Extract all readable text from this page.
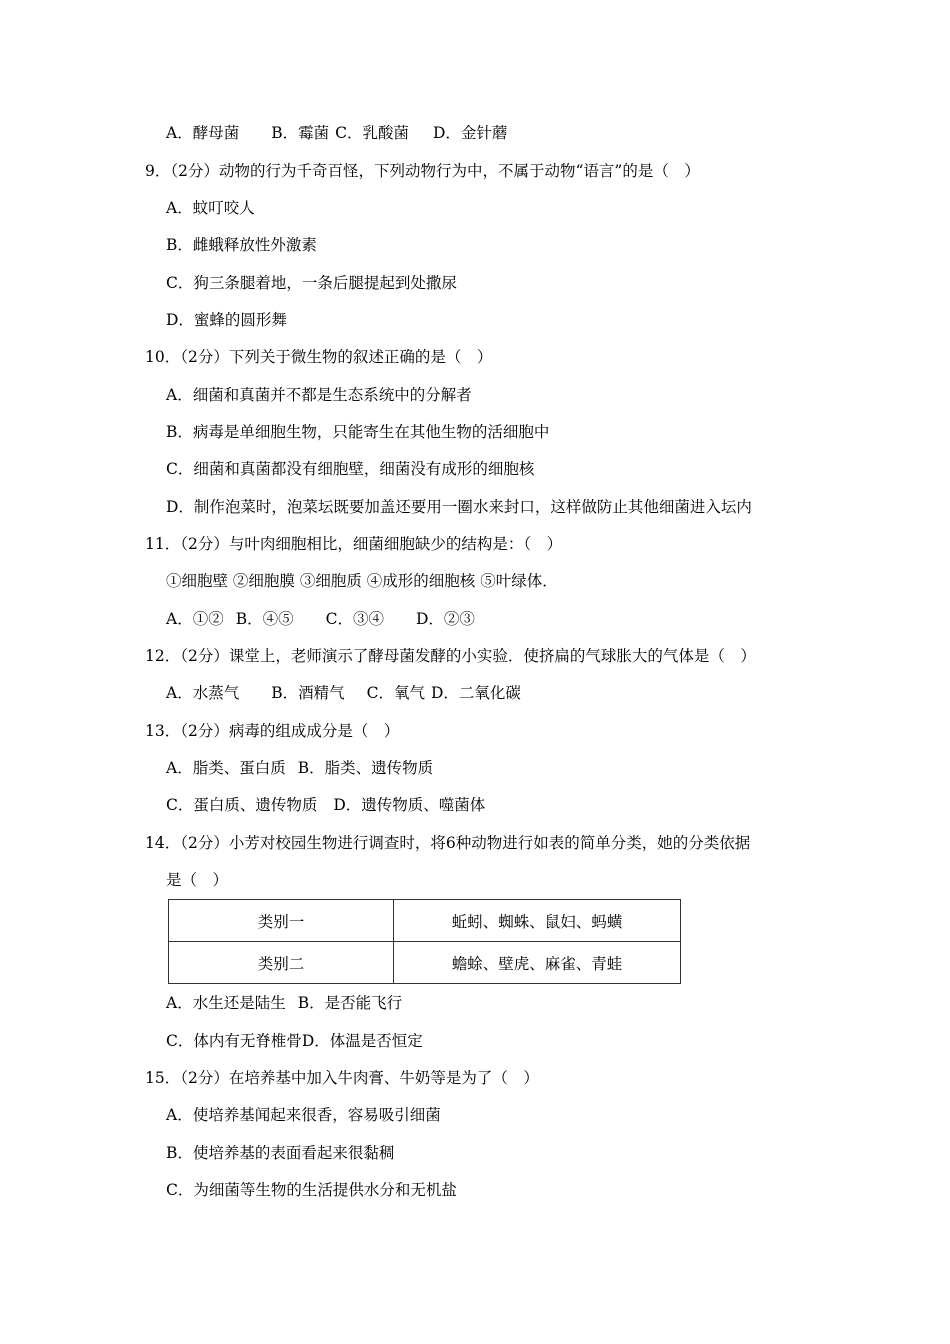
A．酵母菌 B．霉菌 C．乳酸菌 D．金针蘑
9．（2分）动物的行为千奇百怪，下列动物行为中，不属于动物“语言”的是（　）
A．蚊叮咬人
B．雌蛾释放性外激素
C．狗三条腿着地，一条后腿提起到处撒尿
D．蜜蜂的圆形舞
10．（2分）下列关于微生物的叙述正确的是（　）
A．细菌和真菌并不都是生态系统中的分解者
B．病毒是单细胞生物，只能寄生在其他生物的活细胞中
C．细菌和真菌都没有细胞壁，细菌没有成形的细胞核
D．制作泡菜时，泡菜坛既要加盖还要用一圈水来封口，这样做防止其他细菌进入坛内
11．（2分）与叶肉细胞相比，细菌细胞缺少的结构是：（　）
①细胞壁 ②细胞膜 ③细胞质 ④成形的细胞核 ⑤叶绿体．
A．①② B．④⑤ C．③④ D．②③
12．（2分）课堂上，老师演示了酵母菌发酵的小实验．使挤扁的气球胀大的气体是（　）
A．水蒸气 B．酒精气 C．氧气 D．二氧化碳
13．（2分）病毒的组成成分是（　）
A．脂类、蛋白质 B．脂类、遗传物质
C．蛋白质、遗传物质 D．遗传物质、噬菌体
14．（2分）小芳对校园生物进行调查时，将6种动物进行如表的简单分类，她的分类依据
是（　）
类别一	蚯蚓、蜘蛛、鼠妇、蚂蟥
类别二	蟾蜍、壁虎、麻雀、青蛙
A．水生还是陆生 B．是否能飞行
C．体内有无脊椎骨D．体温是否恒定
15．（2分）在培养基中加入牛肉膏、牛奶等是为了（　）
A．使培养基闻起来很香，容易吸引细菌
B．使培养基的表面看起来很黏稠
C．为细菌等生物的生活提供水分和无机盐
